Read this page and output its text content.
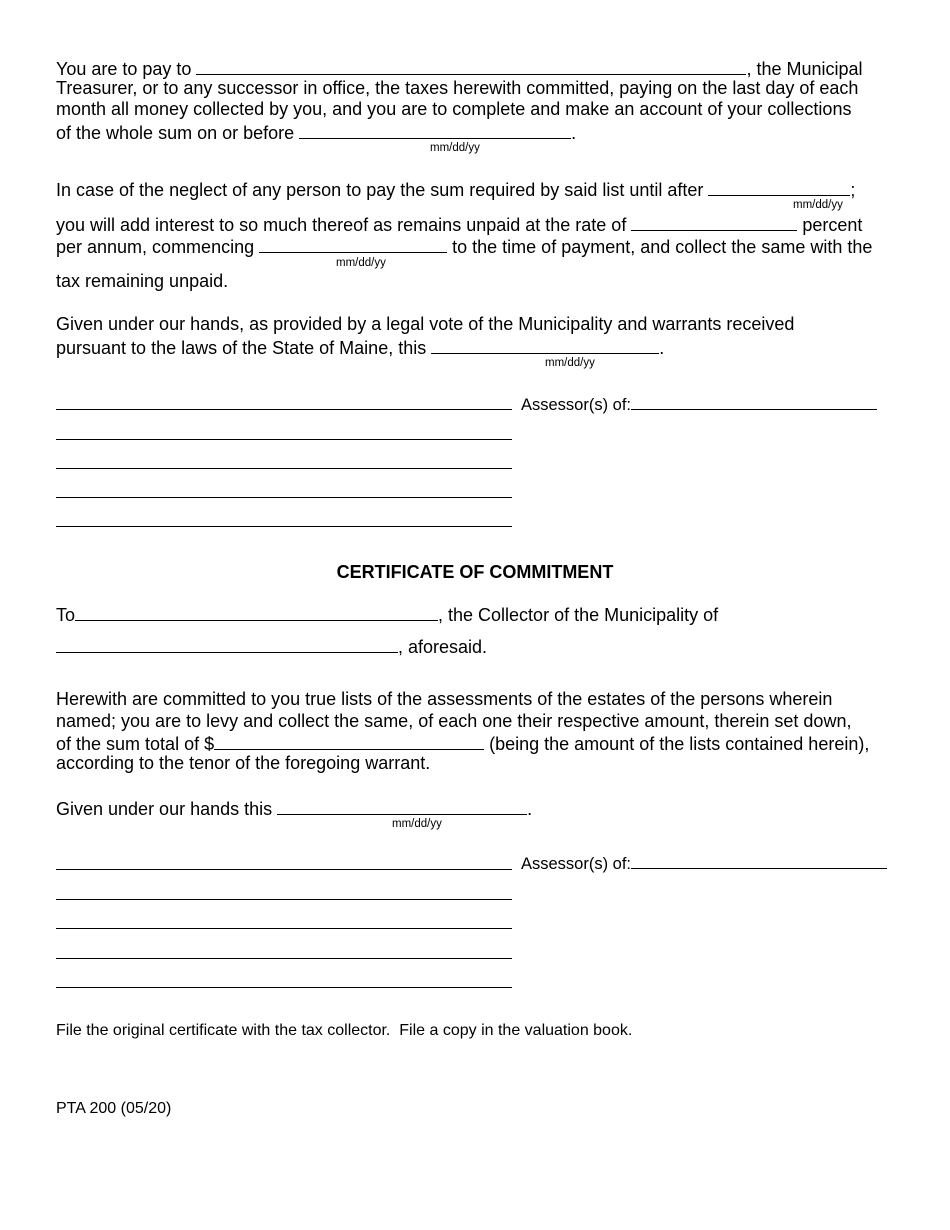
You are to pay to	, the Municipal
Treasurer, or to any successor in office, the taxes herewith committed, paying on the last day of each
month all money collected by you, and you are to complete and make an account of your collections
of the whole sum on or before	.
mm/dd/yy
In case of the neglect of any person to pay the sum required by said list until after	;
mm/dd/yy
you will add interest to so much thereof as remains unpaid at the rate of	percent
per annum, commencing	to the time of payment, and collect the same with the
mm/dd/yy
tax remaining unpaid.
Given under our hands, as provided by a legal vote of the Municipality and warrants received
pursuant to the laws of the State of Maine, this	.
mm/dd/yy
Assessor(s) of:
CERTIFICATE OF COMMITMENT
To	, the Collector of the Municipality of
, aforesaid.
Herewith are committed to you true lists of the assessments of the estates of the persons wherein
named; you are to levy and collect the same, of each one their respective amount, therein set down,
of the sum total of $	(being the amount of the lists contained herein),
according to the tenor of the foregoing warrant.
Given under our hands this	.
mm/dd/yy
Assessor(s) of:
File the original certificate with the tax collector.  File a copy in the valuation book.
PTA 200 (05/20)
